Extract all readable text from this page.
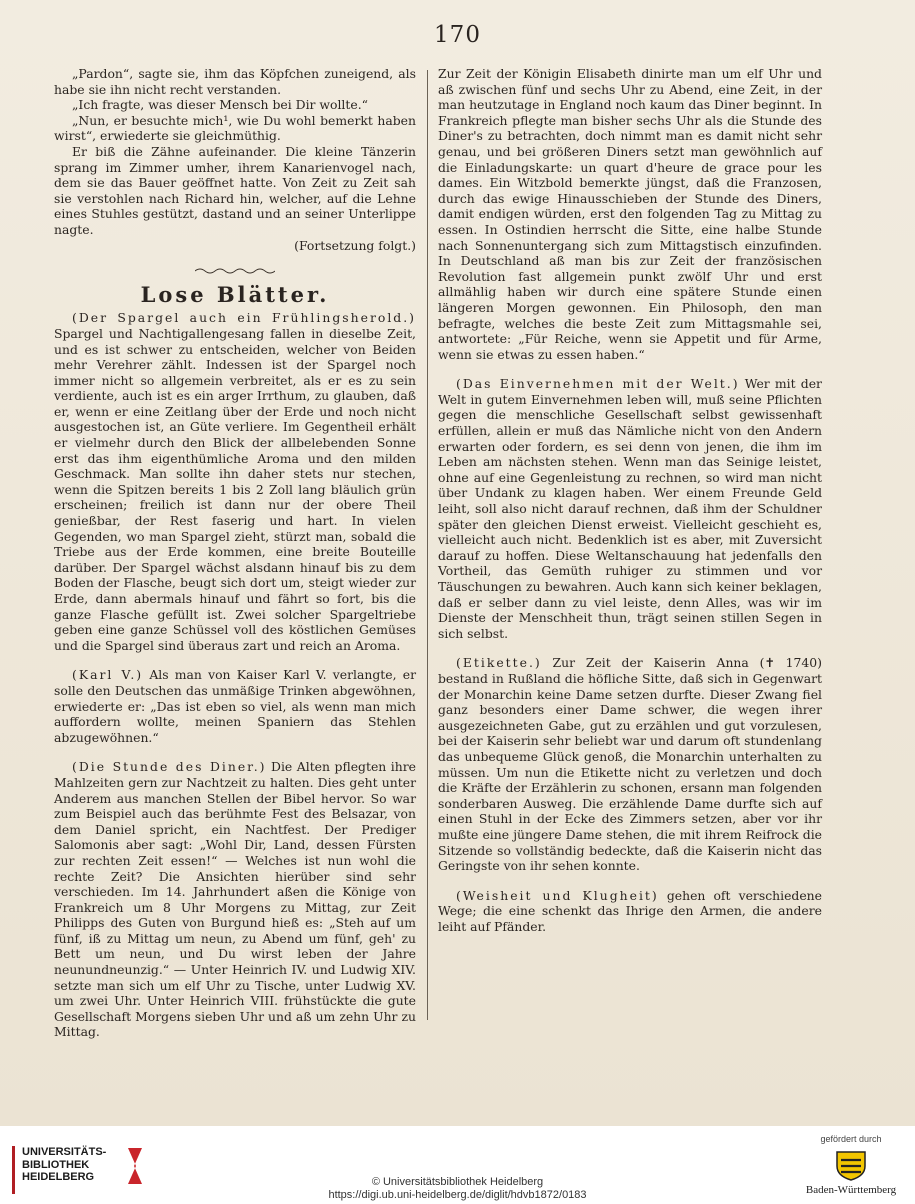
170

„Pardon“, sagte sie, ihm das Köpfchen zuneigend, als habe sie ihn nicht recht verstanden.

„Ich fragte, was dieser Mensch bei Dir wollte.“

„Nun, er besuchte mich¹, wie Du wohl bemerkt haben wirst“, erwiederte sie gleichmüthig.

Er biß die Zähne aufeinander. Die kleine Tänzerin sprang im Zimmer umher, ihrem Kanarienvogel nach, dem sie das Bauer geöffnet hatte. Von Zeit zu Zeit sah sie verstohlen nach Richard hin, welcher, auf die Lehne eines Stuhles gestützt, dastand und an seiner Unterlippe nagte.

(Fortsetzung folgt.)

Lose Blätter.

(Der Spargel auch ein Frühlingsherold.) Spargel und Nachtigallengesang fallen in dieselbe Zeit, und es ist schwer zu entscheiden, welcher von Beiden mehr Verehrer zählt. Indessen ist der Spargel noch immer nicht so allgemein verbreitet, als er es zu sein verdiente, auch ist es ein arger Irrthum, zu glauben, daß er, wenn er eine Zeitlang über der Erde und noch nicht ausgestochen ist, an Güte verliere. Im Gegentheil erhält er vielmehr durch den Blick der allbelebenden Sonne erst das ihm eigenthümliche Aroma und den milden Geschmack. Man sollte ihn daher stets nur stechen, wenn die Spitzen bereits 1 bis 2 Zoll lang bläulich grün erscheinen; freilich ist dann nur der obere Theil genießbar, der Rest faserig und hart. In vielen Gegenden, wo man Spargel zieht, stürzt man, sobald die Triebe aus der Erde kommen, eine breite Bouteille darüber. Der Spargel wächst alsdann hinauf bis zu dem Boden der Flasche, beugt sich dort um, steigt wieder zur Erde, dann abermals hinauf und fährt so fort, bis die ganze Flasche gefüllt ist. Zwei solcher Spargeltriebe geben eine ganze Schüssel voll des köstlichen Gemüses und die Spargel sind überaus zart und reich an Aroma.

(Karl V.) Als man von Kaiser Karl V. verlangte, er solle den Deutschen das unmäßige Trinken abgewöhnen, erwiederte er: „Das ist eben so viel, als wenn man mich auffordern wollte, meinen Spaniern das Stehlen abzugewöhnen.“

(Die Stunde des Diner.) Die Alten pflegten ihre Mahlzeiten gern zur Nachtzeit zu halten. Dies geht unter Anderem aus manchen Stellen der Bibel hervor. So war zum Beispiel auch das berühmte Fest des Belsazar, von dem Daniel spricht, ein Nachtfest. Der Prediger Salomonis aber sagt: „Wohl Dir, Land, dessen Fürsten zur rechten Zeit essen!“ — Welches ist nun wohl die rechte Zeit? Die Ansichten hierüber sind sehr verschieden. Im 14. Jahrhundert aßen die Könige von Frankreich um 8 Uhr Morgens zu Mittag, zur Zeit Philipps des Guten von Burgund hieß es: „Steh auf um fünf, iß zu Mittag um neun, zu Abend um fünf, geh' zu Bett um neun, und Du wirst leben der Jahre neunundneunzig.“ — Unter Heinrich IV. und Ludwig XIV. setzte man sich um elf Uhr zu Tische, unter Ludwig XV. um zwei Uhr. Unter Heinrich VIII. frühstückte die gute Gesellschaft Morgens sieben Uhr und aß um zehn Uhr zu Mittag.

Zur Zeit der Königin Elisabeth dinirte man um elf Uhr und aß zwischen fünf und sechs Uhr zu Abend, eine Zeit, in der man heutzutage in England noch kaum das Diner beginnt. In Frankreich pflegte man bisher sechs Uhr als die Stunde des Diner's zu betrachten, doch nimmt man es damit nicht sehr genau, und bei größeren Diners setzt man gewöhnlich auf die Einladungskarte: un quart d'heure de grace pour les dames. Ein Witzbold bemerkte jüngst, daß die Franzosen, durch das ewige Hinausschieben der Stunde des Diners, damit endigen würden, erst den folgenden Tag zu Mittag zu essen. In Ostindien herrscht die Sitte, eine halbe Stunde nach Sonnenuntergang sich zum Mittagstisch einzufinden. In Deutschland aß man bis zur Zeit der französischen Revolution fast allgemein punkt zwölf Uhr und erst allmählig haben wir durch eine spätere Stunde einen längeren Morgen gewonnen. Ein Philosoph, den man befragte, welches die beste Zeit zum Mittagsmahle sei, antwortete: „Für Reiche, wenn sie Appetit und für Arme, wenn sie etwas zu essen haben.“

(Das Einvernehmen mit der Welt.) Wer mit der Welt in gutem Einvernehmen leben will, muß seine Pflichten gegen die menschliche Gesellschaft selbst gewissenhaft erfüllen, allein er muß das Nämliche nicht von den Andern erwarten oder fordern, es sei denn von jenen, die ihm im Leben am nächsten stehen. Wenn man das Seinige leistet, ohne auf eine Gegenleistung zu rechnen, so wird man nicht über Undank zu klagen haben. Wer einem Freunde Geld leiht, soll also nicht darauf rechnen, daß ihm der Schuldner später den gleichen Dienst erweist. Vielleicht geschieht es, vielleicht auch nicht. Bedenklich ist es aber, mit Zuversicht darauf zu hoffen. Diese Weltanschauung hat jedenfalls den Vortheil, das Gemüth ruhiger zu stimmen und vor Täuschungen zu bewahren. Auch kann sich keiner beklagen, daß er selber dann zu viel leiste, denn Alles, was wir im Dienste der Menschheit thun, trägt seinen stillen Segen in sich selbst.

(Etikette.) Zur Zeit der Kaiserin Anna (✝ 1740) bestand in Rußland die höfliche Sitte, daß sich in Gegenwart der Monarchin keine Dame setzen durfte. Dieser Zwang fiel ganz besonders einer Dame schwer, die wegen ihrer ausgezeichneten Gabe, gut zu erzählen und gut vorzulesen, bei der Kaiserin sehr beliebt war und darum oft stundenlang das unbequeme Glück genoß, die Monarchin unterhalten zu müssen. Um nun die Etikette nicht zu verletzen und doch die Kräfte der Erzählerin zu schonen, ersann man folgenden sonderbaren Ausweg. Die erzählende Dame durfte sich auf einen Stuhl in der Ecke des Zimmers setzen, aber vor ihr mußte eine jüngere Dame stehen, die mit ihrem Reifrock die Sitzende so vollständig bedeckte, daß die Kaiserin nicht das Geringste von ihr sehen konnte.

(Weisheit und Klugheit) gehen oft verschiedene Wege; die eine schenkt das Ihrige den Armen, die andere leiht auf Pfänder.

UNIVERSITÄTS-
BIBLIOTHEK
HEIDELBERG	© Universitätsbibliothek Heidelberg
https://digi.ub.uni-heidelberg.de/diglit/hdvb1872/0183
gefördert durch
Baden-Württemberg
